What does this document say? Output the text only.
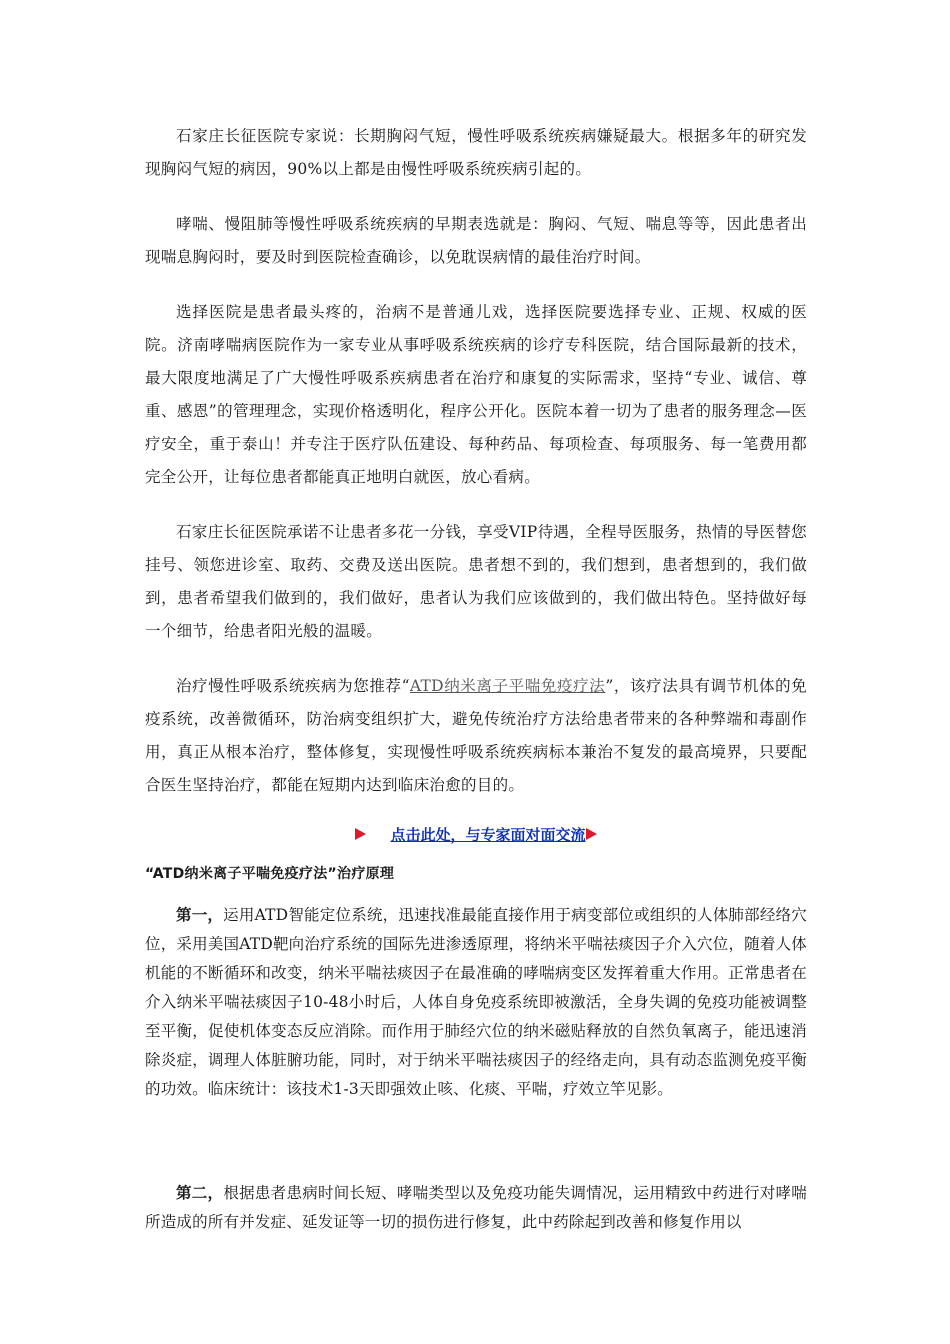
石家庄长征医院专家说：长期胸闷气短，慢性呼吸系统疾病嫌疑最大。根据多年的研究发现胸闷气短的病因，90%以上都是由慢性呼吸系统疾病引起的。

哮喘、慢阻肺等慢性呼吸系统疾病的早期表选就是：胸闷、气短、喘息等等，因此患者出现喘息胸闷时，要及时到医院检查确诊，以免耽误病情的最佳治疗时间。

选择医院是患者最头疼的，治病不是普通儿戏，选择医院要选择专业、正规、权威的医院。济南哮喘病医院作为一家专业从事呼吸系统疾病的诊疗专科医院，结合国际最新的技术，最大限度地满足了广大慢性呼吸系疾病患者在治疗和康复的实际需求，坚持“专业、诚信、尊重、感恩”的管理理念，实现价格透明化，程序公开化。医院本着一切为了患者的服务理念—医疗安全，重于泰山！并专注于医疗队伍建设、每种药品、每项检查、每项服务、每一笔费用都完全公开，让每位患者都能真正地明白就医，放心看病。

石家庄长征医院承诺不让患者多花一分钱，享受VIP待遇，全程导医服务，热情的导医替您挂号、领您进诊室、取药、交费及送出医院。患者想不到的，我们想到，患者想到的，我们做到，患者希望我们做到的，我们做好，患者认为我们应该做到的，我们做出特色。坚持做好每一个细节，给患者阳光般的温暖。

治疗慢性呼吸系统疾病为您推荐“ATD纳米离子平喘免疫疗法”，该疗法具有调节机体的免疫系统，改善微循环，防治病变组织扩大，避免传统治疗方法给患者带来的各种弊端和毒副作用，真正从根本治疗，整体修复，实现慢性呼吸系统疾病标本兼治不复发的最高境界，只要配合医生坚持治疗，都能在短期内达到临床治愈的目的。

点击此处，与专家面对面交流
“ATD纳米离子平喘免疫疗法”治疗原理

第一，运用ATD智能定位系统，迅速找准最能直接作用于病变部位或组织的人体肺部经络穴位，采用美国ATD靶向治疗系统的国际先进渗透原理，将纳米平喘祛痰因子介入穴位，随着人体机能的不断循环和改变，纳米平喘祛痰因子在最准确的哮喘病变区发挥着重大作用。正常患者在介入纳米平喘祛痰因子10-48小时后，人体自身免疫系统即被激活，全身失调的免疫功能被调整至平衡，促使机体变态反应消除。而作用于肺经穴位的纳米磁贴释放的自然负氧离子，能迅速消除炎症，调理人体脏腑功能，同时，对于纳米平喘祛痰因子的经络走向，具有动态监测免疫平衡的功效。临床统计：该技术1-3天即强效止咳、化痰、平喘，疗效立竿见影。

第二，根据患者患病时间长短、哮喘类型以及免疫功能失调情况，运用精致中药进行对哮喘所造成的所有并发症、延发证等一切的损伤进行修复，此中药除起到改善和修复作用以
